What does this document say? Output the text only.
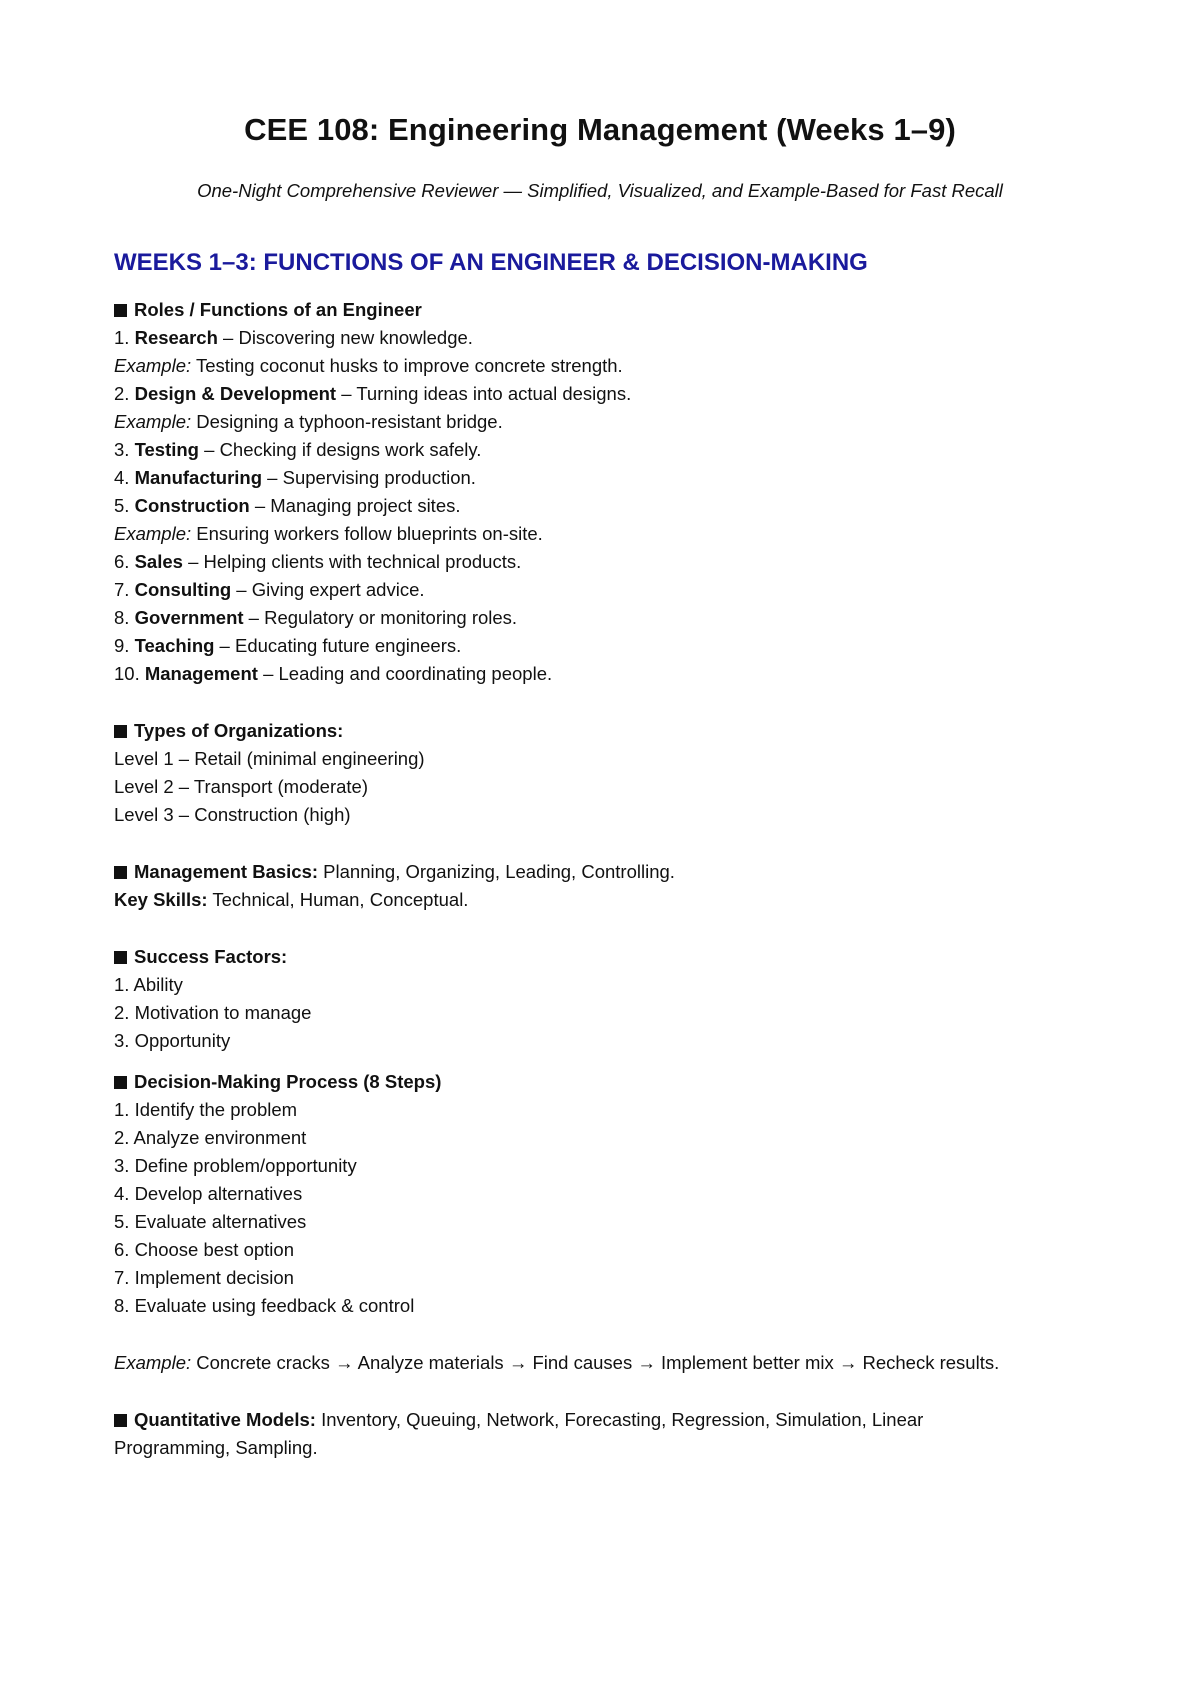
CEE 108: Engineering Management (Weeks 1–9)
One-Night Comprehensive Reviewer — Simplified, Visualized, and Example-Based for Fast Recall
WEEKS 1–3: FUNCTIONS OF AN ENGINEER & DECISION-MAKING
Roles / Functions of an Engineer
1. Research – Discovering new knowledge.
Example: Testing coconut husks to improve concrete strength.
2. Design & Development – Turning ideas into actual designs.
Example: Designing a typhoon-resistant bridge.
3. Testing – Checking if designs work safely.
4. Manufacturing – Supervising production.
5. Construction – Managing project sites.
Example: Ensuring workers follow blueprints on-site.
6. Sales – Helping clients with technical products.
7. Consulting – Giving expert advice.
8. Government – Regulatory or monitoring roles.
9. Teaching – Educating future engineers.
10. Management – Leading and coordinating people.
Types of Organizations:
Level 1 – Retail (minimal engineering)
Level 2 – Transport (moderate)
Level 3 – Construction (high)
Management Basics: Planning, Organizing, Leading, Controlling.
Key Skills: Technical, Human, Conceptual.
Success Factors:
1. Ability
2. Motivation to manage
3. Opportunity
Decision-Making Process (8 Steps)
1. Identify the problem
2. Analyze environment
3. Define problem/opportunity
4. Develop alternatives
5. Evaluate alternatives
6. Choose best option
7. Implement decision
8. Evaluate using feedback & control
Example: Concrete cracks → Analyze materials → Find causes → Implement better mix → Recheck results.
Quantitative Models: Inventory, Queuing, Network, Forecasting, Regression, Simulation, Linear
Programming, Sampling.
